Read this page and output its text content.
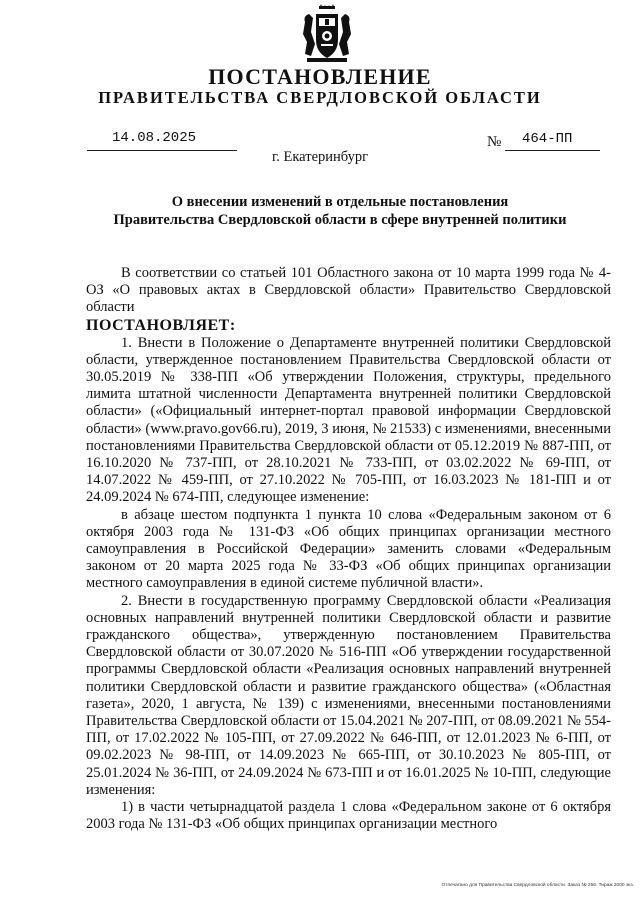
ПОСТАНОВЛЕНИЕ
ПРАВИТЕЛЬСТВА СВЕРДЛОВСКОЙ ОБЛАСТИ
14.08.2025	№ 464-ПП
г. Екатеринбург
О внесении изменений в отдельные постановления
Правительства Свердловской области в сфере внутренней политики

В соответствии со статьей 101 Областного закона от 10 марта 1999 года № 4-ОЗ «О правовых актах в Свердловской области» Правительство Свердловской области

ПОСТАНОВЛЯЕТ:

1. Внести в Положение о Департаменте внутренней политики Свердловской области, утвержденное постановлением Правительства Свердловской области от 30.05.2019 № 338-ПП «Об утверждении Положения, структуры, предельного лимита штатной численности Департамента внутренней политики Свердловской области» («Официальный интернет-портал правовой информации Свердловской области» (www.pravo.gov66.ru), 2019, 3 июня, № 21533) с изменениями, внесенными постановлениями Правительства Свердловской области от 05.12.2019 № 887-ПП, от 16.10.2020 № 737-ПП, от 28.10.2021 № 733-ПП, от 03.02.2022 № 69-ПП, от 14.07.2022 № 459-ПП, от 27.10.2022 № 705-ПП, от 16.03.2023 № 181-ПП и от 24.09.2024 № 674-ПП, следующее изменение:

в абзаце шестом подпункта 1 пункта 10 слова «Федеральным законом от 6 октября 2003 года № 131-ФЗ «Об общих принципах организации местного самоуправления в Российской Федерации» заменить словами «Федеральным законом от 20 марта 2025 года № 33-ФЗ «Об общих принципах организации местного самоуправления в единой системе публичной власти».

2. Внести в государственную программу Свердловской области «Реализация основных направлений внутренней политики Свердловской области и развитие гражданского общества», утвержденную постановлением Правительства Свердловской области от 30.07.2020 № 516-ПП «Об утверждении государственной программы Свердловской области «Реализация основных направлений внутренней политики Свердловской области и развитие гражданского общества» («Областная газета», 2020, 1 августа, № 139) с изменениями, внесенными постановлениями Правительства Свердловской области от 15.04.2021 № 207-ПП, от 08.09.2021 № 554-ПП, от 17.02.2022 № 105-ПП, от 27.09.2022 № 646-ПП, от 12.01.2023 № 6-ПП, от 09.02.2023 № 98-ПП, от 14.09.2023 № 665-ПП, от 30.10.2023 № 805-ПП, от 25.01.2024 № 36-ПП, от 24.09.2024 № 673-ПП и от 16.01.2025 № 10-ПП, следующие изменения:

1) в части четырнадцатой раздела 1 слова «Федеральном законе от 6 октября 2003 года № 131-ФЗ «Об общих принципах организации местного

Отпечатано для Правительства Свердловской области. Заказ № 256. Тираж 2000 экз.
